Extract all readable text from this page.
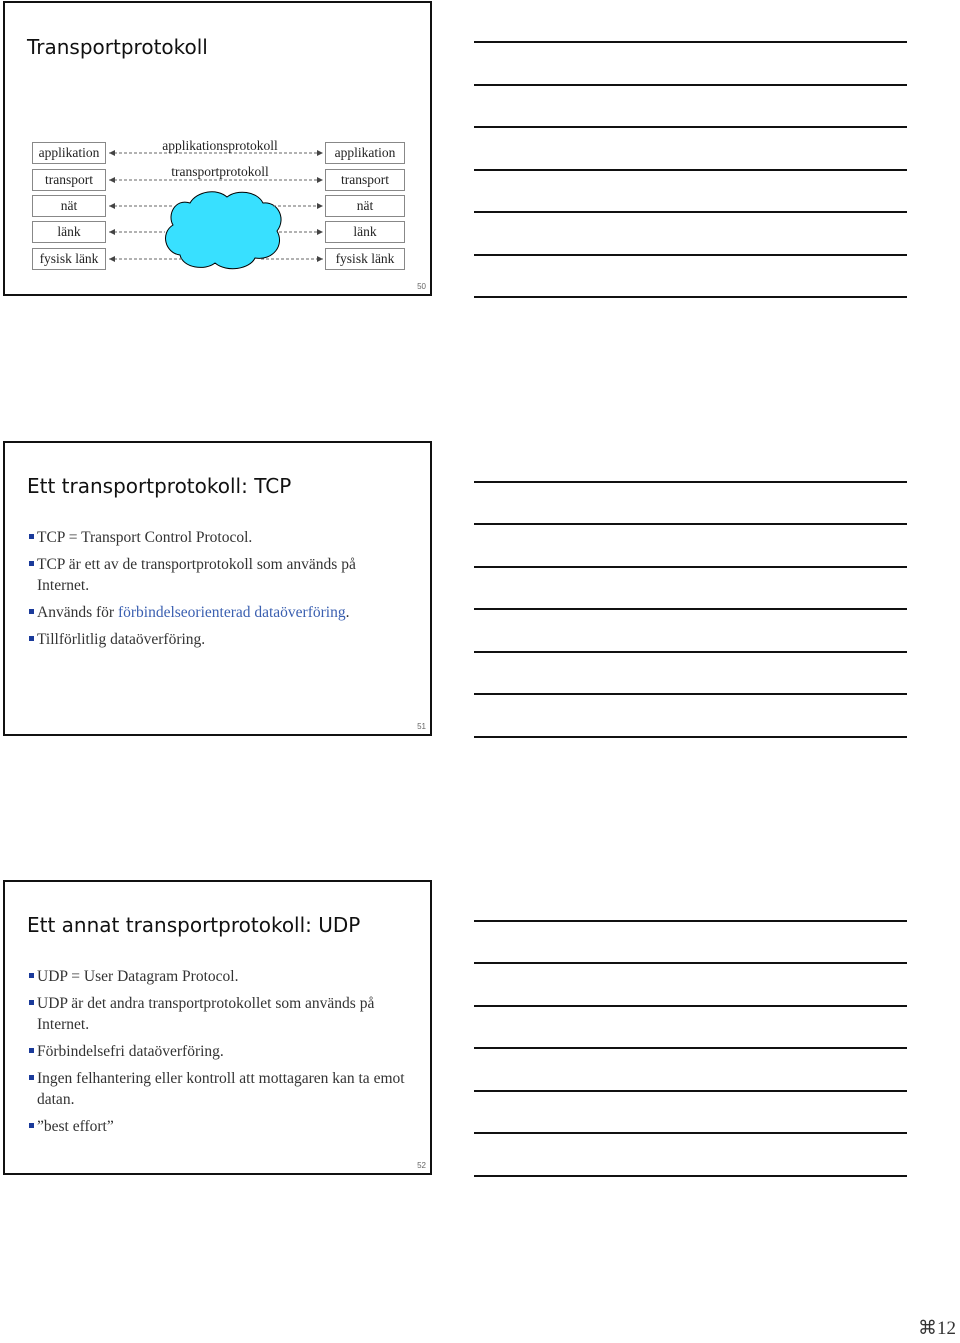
Transportprotokoll
applikationsprotokoll
transportprotokoll
applikation
transport
nät
länk
fysisk länk
applikation
transport
nät
länk
fysisk länk
50
Ett transportprotokoll: TCP
TCP = Transport Control Protocol.
TCP är ett av de transportprotokoll som används på Internet.
Används för förbindelseorienterad dataöverföring.
Tillförlitlig dataöverföring.
51
Ett annat transportprotokoll: UDP
UDP = User Datagram Protocol.
UDP är det andra transportprotokollet som används på Internet.
Förbindelsefri dataöverföring.
Ingen felhantering eller kontroll att mottagaren kan ta emot datan.
”best effort”
52
⌘12
